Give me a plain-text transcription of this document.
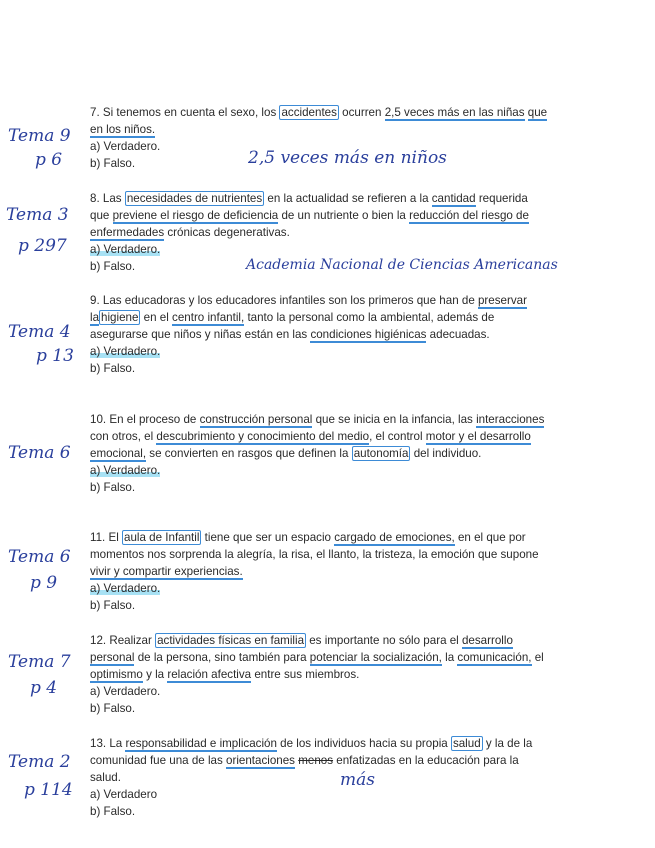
7. Si tenemos en cuenta el sexo, los accidentes ocurren 2,5 veces más en las niñas que en los niños.

a) Verdadero.
b) Falso.

8. Las necesidades de nutrientes en la actualidad se refieren a la cantidad requerida que previene el riesgo de deficiencia de un nutriente o bien la reducción del riesgo de enfermedades crónicas degenerativas.

a) Verdadero.
b) Falso.

9. Las educadoras y los educadores infantiles son los primeros que han de preservar la higiene en el centro infantil, tanto la personal como la ambiental, además de asegurarse que niños y niñas están en las condiciones higiénicas adecuadas.

a) Verdadero.
b) Falso.

10. En el proceso de construcción personal que se inicia en la infancia, las interacciones con otros, el descubrimiento y conocimiento del medio, el control motor y el desarrollo emocional, se convierten en rasgos que definen la autonomía del individuo.

a) Verdadero.
b) Falso.

11. El aula de Infantil tiene que ser un espacio cargado de emociones, en el que por momentos nos sorprenda la alegría, la risa, el llanto, la tristeza, la emoción que supone vivir y compartir experiencias.

a) Verdadero.
b) Falso.

12. Realizar actividades físicas en familia es importante no sólo para el desarrollo personal de la persona, sino también para potenciar la socialización, la comunicación, el optimismo y la relación afectiva entre sus miembros.

a) Verdadero.
b) Falso.

13. La responsabilidad e implicación de los individuos hacia su propia salud y la de la comunidad fue una de las orientaciones menos enfatizadas en la educación para la salud.

a) Verdadero
b) Falso.
Tema 9
p 6	2,5 veces más en niños
Tema 3
p 297
Academia Nacional de Ciencias Americanas
Tema 4
p 13
Tema 6
Tema 6
p 9
Tema 7
p 4
Tema 2
p 114	más
